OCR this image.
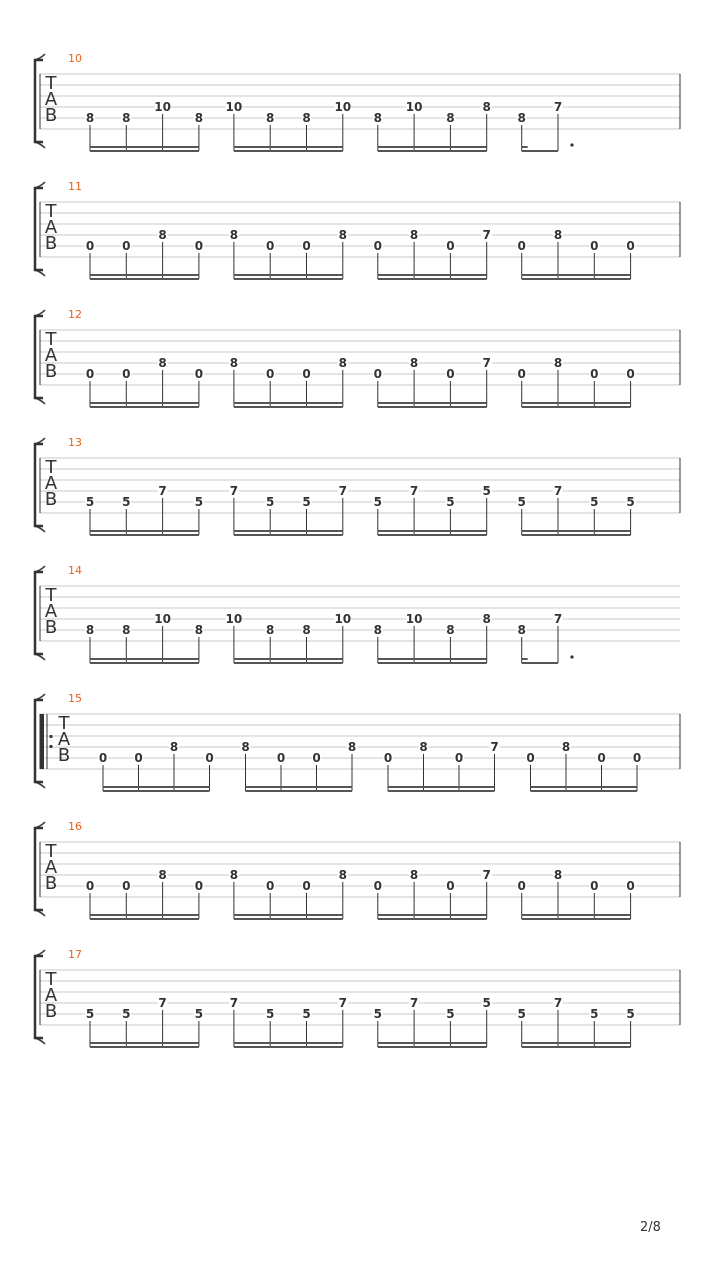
10
T
A
B 8 8
10
8
10
8 8
10
8
10
8
8
8
7
11
T
A
B 0 0
8
0
8
0 0
8
0
8
0
7
0
8
0 0
12
T
A
B 0 0
8
0
8
0 0
8
0
8
0
7
0
8
0 0
13
T
A
B 5 5
7
5
7
5 5
7
5
7
5
5
5
7
5 5
14
T
A
B 8 8
10
8
10
8 8
10
8
10
8
8
8
7
15
T
A
B 0 0
8
0
8
0 0
8
0
8
0
7
0
8
0 0
16
T
A
B 0 0
8
0
8
0 0
8
0
8
0
7
0
8
0 0
17
T
A
B 5 5
7
5
7
5 5
7
5
7
5
5
5
7
5 5
2/8
